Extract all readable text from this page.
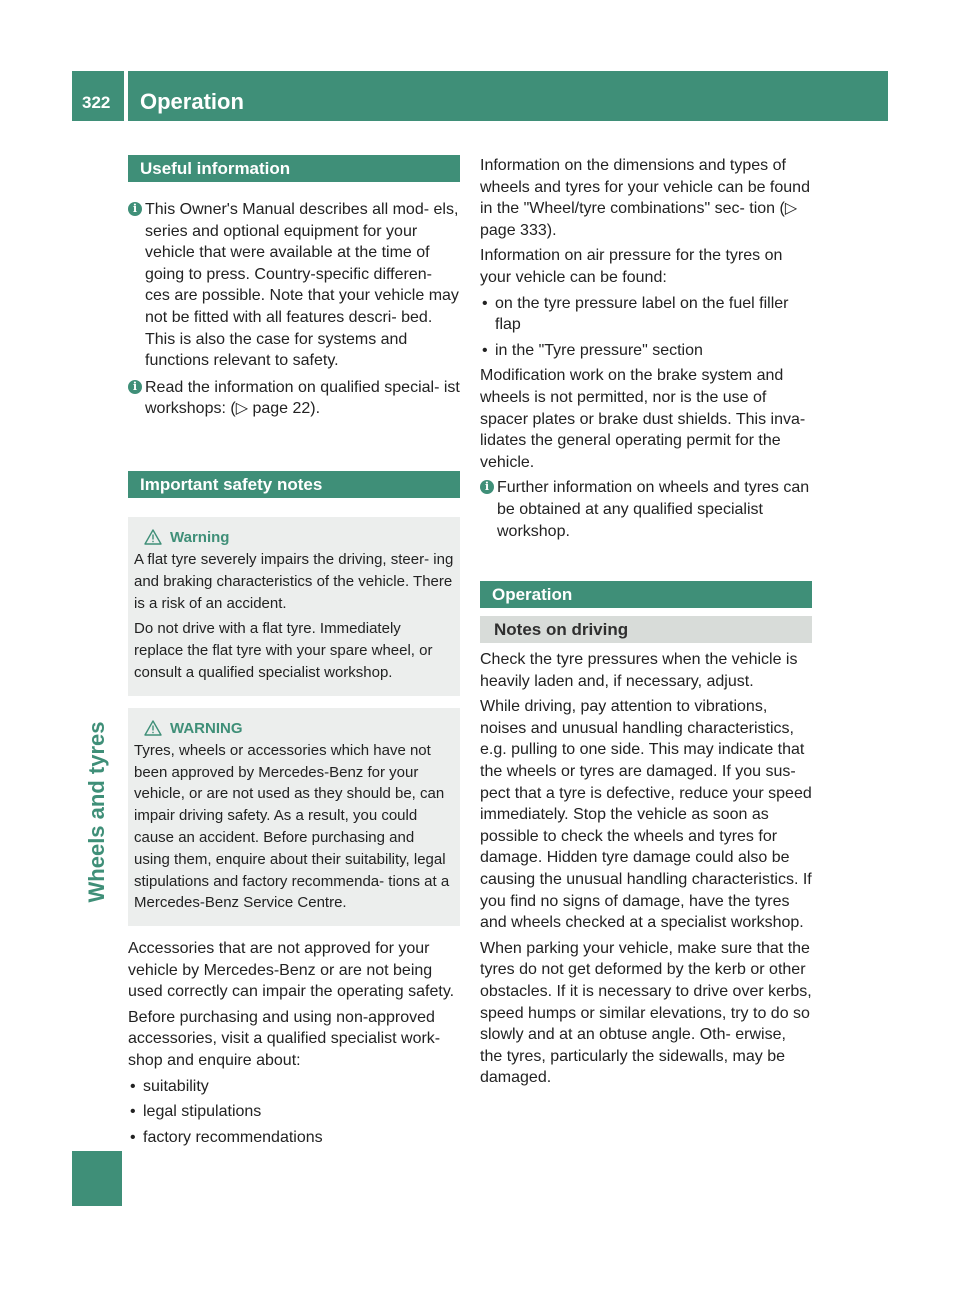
322 Operation
Wheels and tyres
Useful information
i This Owner's Manual describes all mod- els, series and optional equipment for your vehicle that were available at the time of going to press. Country-specific differen- ces are possible. Note that your vehicle may not be fitted with all features descri- bed. This is also the case for systems and functions relevant to safety.
i Read the information on qualified special- ist workshops: (▷ page 22).
Important safety notes
Warning

A flat tyre severely impairs the driving, steer- ing and braking characteristics of the vehicle. There is a risk of an accident.

Do not drive with a flat tyre. Immediately replace the flat tyre with your spare wheel, or consult a qualified specialist workshop.

WARNING

Tyres, wheels or accessories which have not been approved by Mercedes-Benz for your vehicle, or are not used as they should be, can impair driving safety. As a result, you could cause an accident. Before purchasing and using them, enquire about their suitability, legal stipulations and factory recommenda- tions at a Mercedes-Benz Service Centre.

Accessories that are not approved for your vehicle by Mercedes-Benz or are not being used correctly can impair the operating safety.

Before purchasing and using non-approved accessories, visit a qualified specialist work- shop and enquire about:

• suitability
• legal stipulations
• factory recommendations

Information on the dimensions and types of wheels and tyres for your vehicle can be found in the "Wheel/tyre combinations" sec- tion (▷ page 333).

Information on air pressure for the tyres on your vehicle can be found:

• on the tyre pressure label on the fuel filler flap
• in the "Tyre pressure" section

Modification work on the brake system and wheels is not permitted, nor is the use of spacer plates or brake dust shields. This inva- lidates the general operating permit for the vehicle.

i Further information on wheels and tyres can be obtained at any qualified specialist workshop.
Operation
Notes on driving

Check the tyre pressures when the vehicle is heavily laden and, if necessary, adjust.

While driving, pay attention to vibrations, noises and unusual handling characteristics, e.g. pulling to one side. This may indicate that the wheels or tyres are damaged. If you sus- pect that a tyre is defective, reduce your speed immediately. Stop the vehicle as soon as possible to check the wheels and tyres for damage. Hidden tyre damage could also be causing the unusual handling characteristics. If you find no signs of damage, have the tyres and wheels checked at a specialist workshop.

When parking your vehicle, make sure that the tyres do not get deformed by the kerb or other obstacles. If it is necessary to drive over kerbs, speed humps or similar elevations, try to do so slowly and at an obtuse angle. Oth- erwise, the tyres, particularly the sidewalls, may be damaged.
